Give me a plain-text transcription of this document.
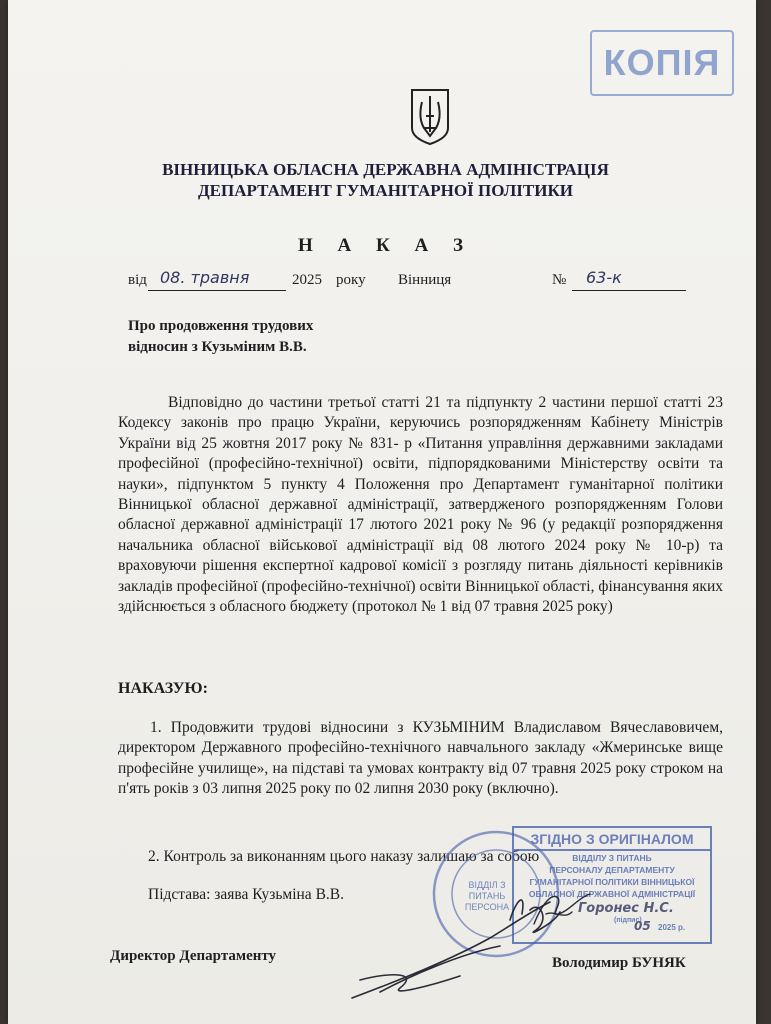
КОПІЯ
ВІННИЦЬКА ОБЛАСНА ДЕРЖАВНА АДМІНІСТРАЦІЯ
ДЕПАРТАМЕНТ ГУМАНІТАРНОЇ ПОЛІТИКИ
Н А К А З
від 08. травня	2025 року Вінниця	№ 63-к
Про продовження трудових
відносин з Кузьміним В.В.
Відповідно до частини третьої статті 21 та підпункту 2 частини першої статті 23 Кодексу законів про працю України, керуючись розпорядженням Кабінету Міністрів України від 25 жовтня 2017 року № 831- р «Питання управління державними закладами професійної (професійно-технічної) освіти, підпорядкованими Міністерству освіти та науки», підпунктом 5 пункту 4 Положення про Департамент гуманітарної політики Вінницької обласної державної адміністрації, затвердженого розпорядженням Голови обласної державної адміністрації 17 лютого 2021 року № 96 (у редакції розпорядження начальника обласної військової адміністрації від 08 лютого 2024 року № 10-р) та враховуючи рішення експертної кадрової комісії з розгляду питань діяльності керівників закладів професійної (професійно-технічної) освіти Вінницької області, фінансування яких здійснюється з обласного бюджету (протокол № 1 від 07 травня 2025 року)
НАКАЗУЮ:
1. Продовжити трудові відносини з КУЗЬМІНИМ Владиславом Вячеславовичем, директором Державного професійно-технічного навчального закладу «Жмеринське вище професійне училище», на підставі та умовах контракту від 07 травня 2025 року строком на п'ять років з 03 липня 2025 року по 02 липня 2030 року (включно).
2. Контроль за виконанням цього наказу залишаю за собою
Підстава: заява Кузьміна В.В.
ВІДДІЛ З ПИТАНЬ ПЕРСОНА
ЗГІДНО З ОРИГІНАЛОМ
ВІДДІЛУ З ПИТАНЬ
ПЕРСОНАЛУ ДЕПАРТАМЕНТУ
ГУМАНІТАРНОЇ ПОЛІТИКИ ВІННИЦЬКОЇ
ОБЛАСНОЇ ДЕРЖАВНОЇ АДМІНІСТРАЦІЇ
Горонес Н.С.
(підпис)
05 2025 р.
Директор Департаменту	Володимир БУНЯК
